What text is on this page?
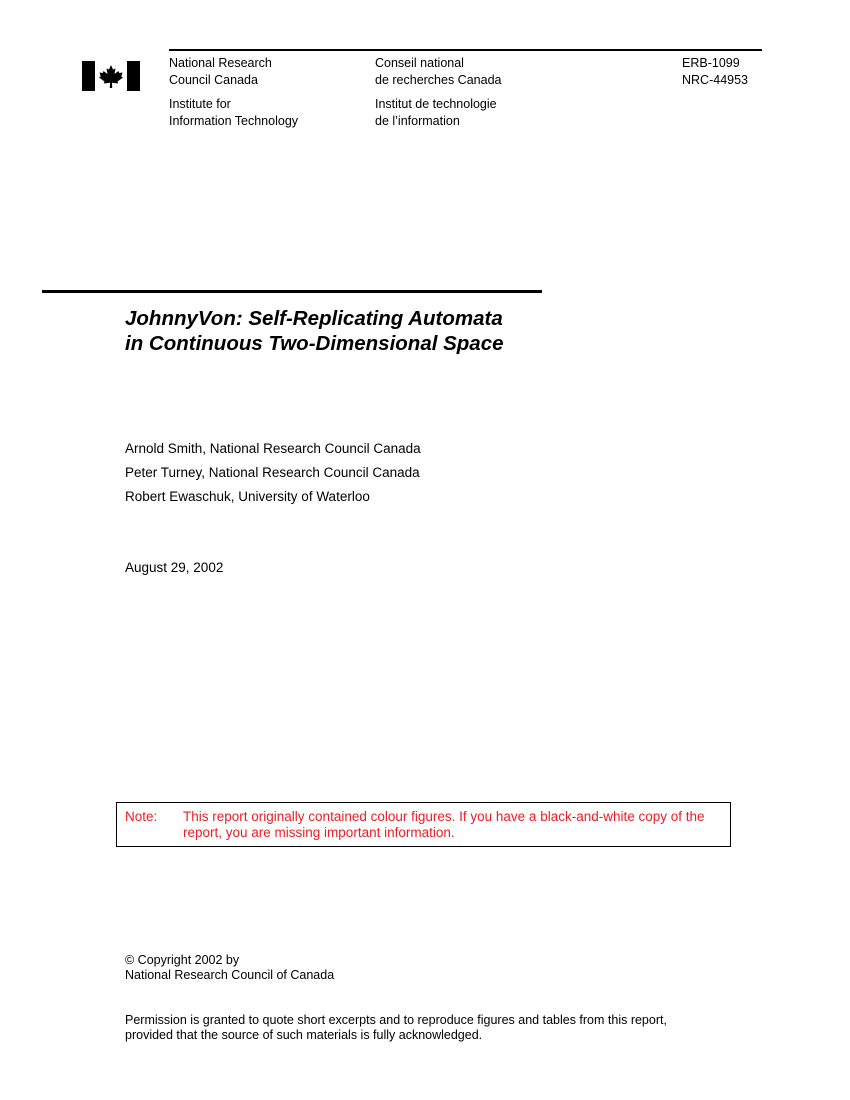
National Research
Council Canada
Conseil national
de recherches Canada
Institute for
Information Technology
Institut de technologie
de l’information
ERB-1099
NRC-44953
JohnnyVon: Self-Replicating Automata
in Continuous Two-Dimensional Space
Arnold Smith, National Research Council Canada
Peter Turney, National Research Council Canada
Robert Ewaschuk, University of Waterloo
August 29, 2002
Note: This report originally contained colour figures. If you have a black-and-white copy of the
report, you are missing important information.
© Copyright 2002 by
National Research Council of Canada
Permission is granted to quote short excerpts and to reproduce figures and tables from this report,
provided that the source of such materials is fully acknowledged.
